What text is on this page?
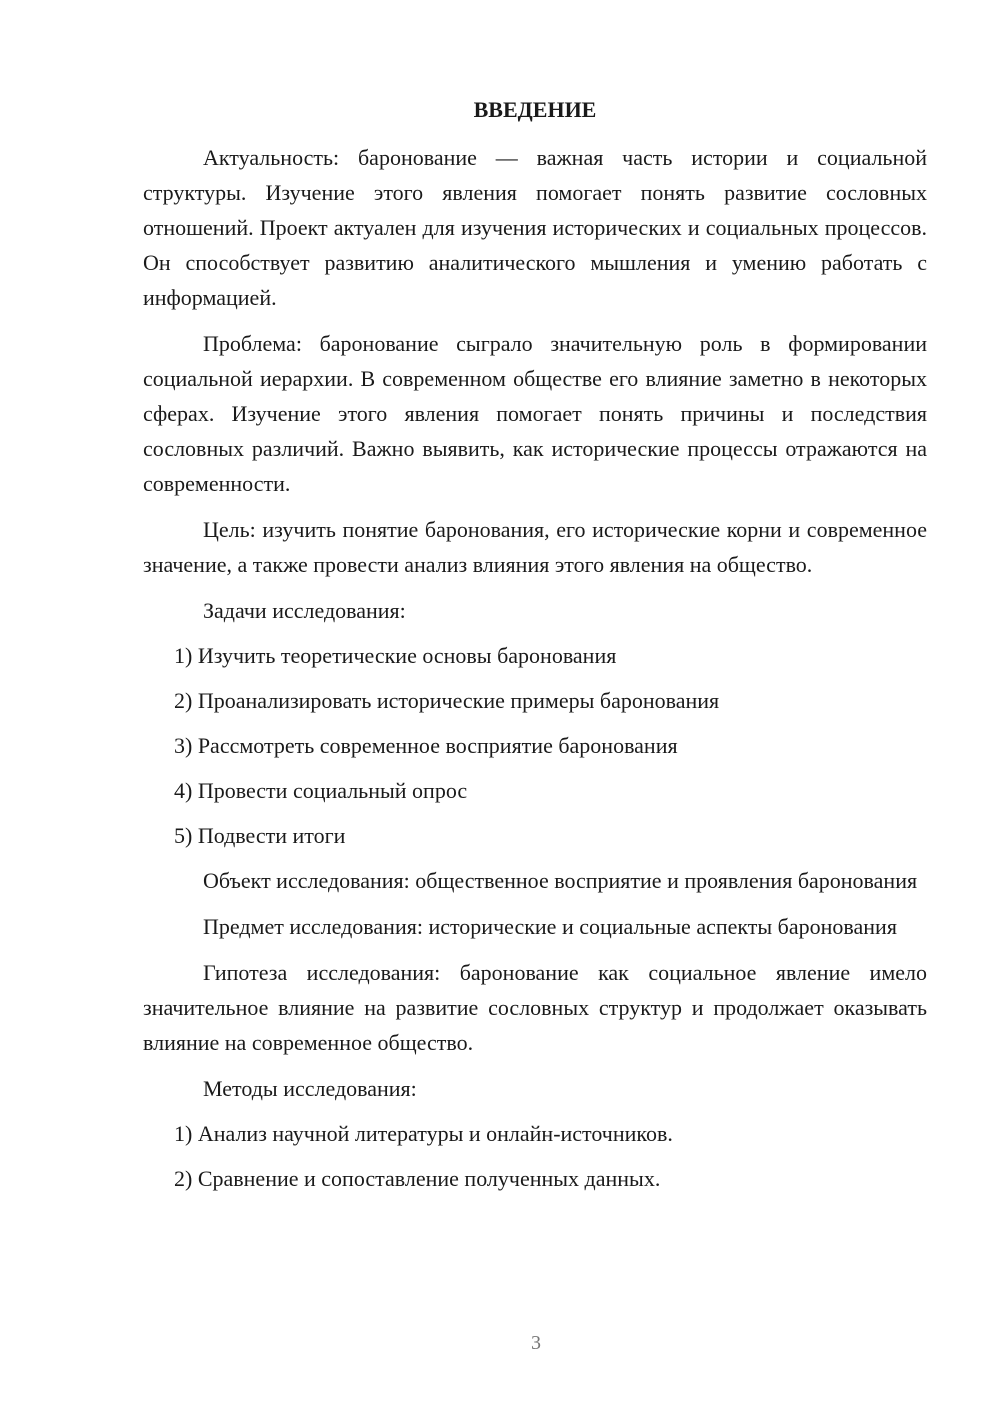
ВВЕДЕНИЕ

Актуальность: баронование — важная часть истории и социальной структуры. Изучение этого явления помогает понять развитие сословных отношений. Проект актуален для изучения исторических и социальных процессов. Он способствует развитию аналитического мышления и умению работать с информацией.

Проблема: баронование сыграло значительную роль в формировании социальной иерархии. В современном обществе его влияние заметно в некоторых сферах. Изучение этого явления помогает понять причины и последствия сословных различий. Важно выявить, как исторические процессы отражаются на современности.

Цель: изучить понятие баронования, его исторические корни и современное значение, а также провести анализ влияния этого явления на общество.

Задачи исследования:
1) Изучить теоретические основы баронования
2) Проанализировать исторические примеры баронования
3) Рассмотреть современное восприятие баронования
4) Провести социальный опрос
5) Подвести итоги

Объект исследования: общественное восприятие и проявления баронования

Предмет исследования: исторические и социальные аспекты баронования

Гипотеза исследования: баронование как социальное явление имело значительное влияние на развитие сословных структур и продолжает оказывать влияние на современное общество.

Методы исследования:
1) Анализ научной литературы и онлайн-источников.
2) Сравнение и сопоставление полученных данных.
3
